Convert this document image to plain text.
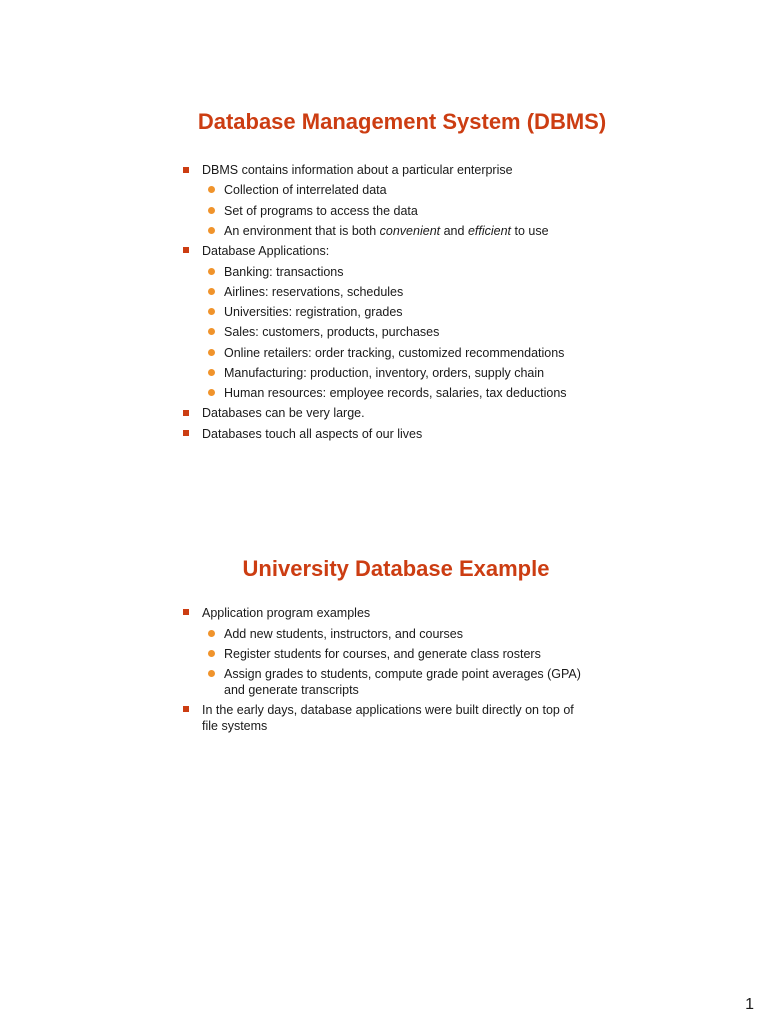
Database Management System (DBMS)
DBMS contains information about a particular enterprise
Collection of interrelated data
Set of programs to access the data
An environment that is both convenient and efficient to use
Database Applications:
Banking: transactions
Airlines: reservations, schedules
Universities: registration, grades
Sales: customers, products, purchases
Online retailers: order tracking, customized recommendations
Manufacturing: production, inventory, orders, supply chain
Human resources: employee records, salaries, tax deductions
Databases can be very large.
Databases touch all aspects of our lives
University Database Example
Application program examples
Add new students, instructors, and courses
Register students for courses, and generate class rosters
Assign grades to students, compute grade point averages (GPA)
and generate transcripts
In the early days, database applications were built directly on top of
file systems
1
